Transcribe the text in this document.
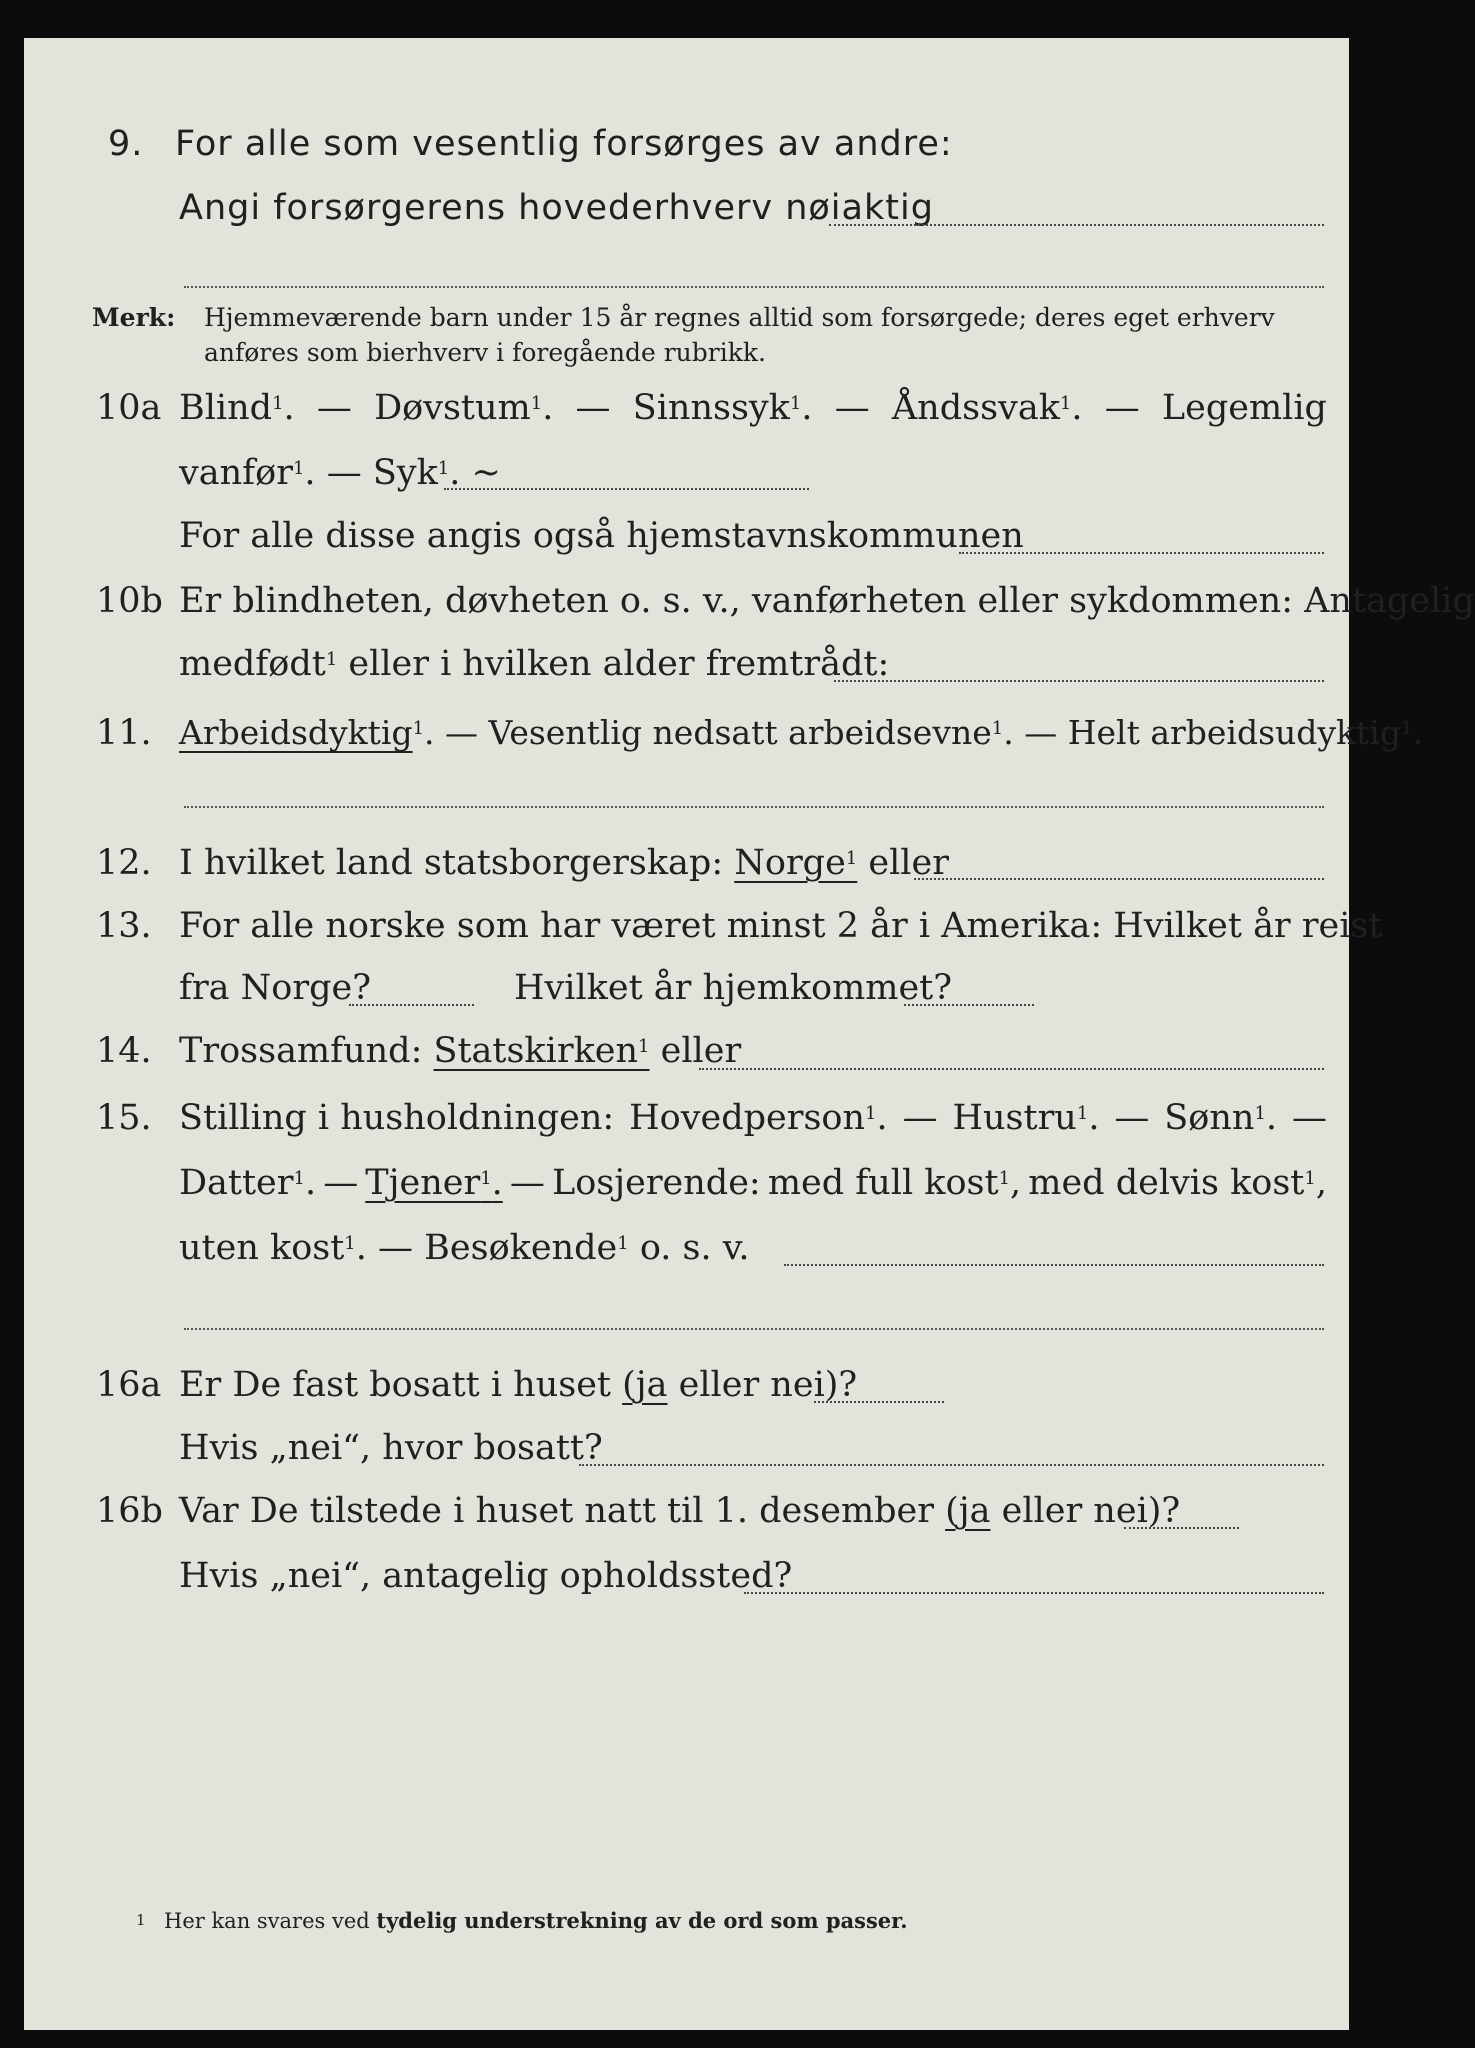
9. For alle som vesentlig forsørges av andre:
Angi forsørgerens hovederhverv nøiaktig
Merk: Hjemmeværende barn under 15 år regnes alltid som forsørgede; deres eget erhverv
anføres som bierhverv i foregående rubrikk.
10a Blind$^1$. — Døvstum$^1$. — Sinnssyk$^1$. — Åndssvak$^1$. — Legemlig
vanfør$^1$. — Syk$^1$. ~
For alle disse angis også hjemstavnskommunen
10b Er blindheten, døvheten o. s. v., vanførheten eller sykdommen: Antagelig
medfødt$^1$ eller i hvilken alder fremtrådt:
11. Arbeidsdyktig$^1$. — Vesentlig nedsatt arbeidsevne$^1$. — Helt arbeidsudyktig$^1$.
12. I hvilket land statsborgerskap: Norge$^1$ eller
13. For alle norske som har været minst 2 år i Amerika: Hvilket år reist
fra Norge?	Hvilket år hjemkommet?
14. Trossamfund: Statskirken$^1$ eller
15. Stilling i husholdningen: Hovedperson$^1$. — Hustru$^1$. — Sønn$^1$. —
Datter$^1$. — Tjener$^1$. — Losjerende: med full kost$^1$, med delvis kost$^1$,
uten kost$^1$. — Besøkende$^1$ o. s. v.
16a Er De fast bosatt i huset (ja eller nei)?
Hvis „nei“, hvor bosatt?
16b Var De tilstede i huset natt til 1. desember (ja eller nei)?
Hvis „nei“, antagelig opholdssted?
1 Her kan svares ved tydelig understrekning av de ord som passer.
